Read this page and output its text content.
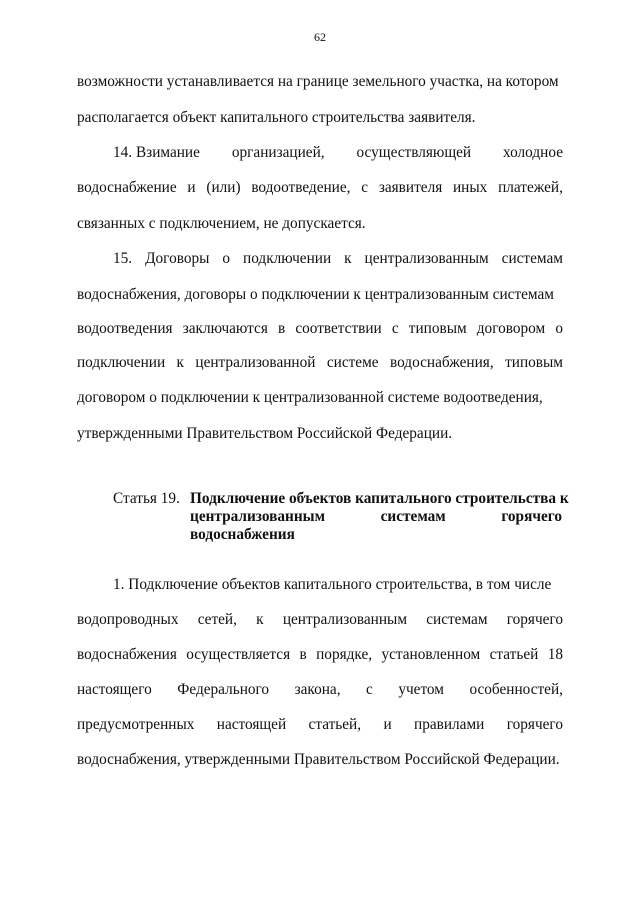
62
возможности устанавливается на границе земельного участка, на котором
располагается объект капитального строительства заявителя.
14. Взимание организацией, осуществляющей холодное
водоснабжение и (или) водоотведение, с заявителя иных платежей,
связанных с подключением, не допускается.
15. Договоры о подключении к централизованным системам
водоснабжения, договоры о подключении к централизованным системам
водоотведения заключаются в соответствии с типовым договором о
подключении к централизованной системе водоснабжения, типовым
договором о подключении к централизованной системе водоотведения,
утвержденными Правительством Российской Федерации.
Статья 19. Подключение объектов капитального строительства к
централизованным	системам	горячего
водоснабжения
1. Подключение объектов капитального строительства, в том числе
водопроводных сетей, к централизованным системам горячего
водоснабжения осуществляется в порядке, установленном статьей 18
настоящего Федерального закона, с учетом особенностей,
предусмотренных настоящей статьей, и правилами горячего
водоснабжения, утвержденными Правительством Российской Федерации.
